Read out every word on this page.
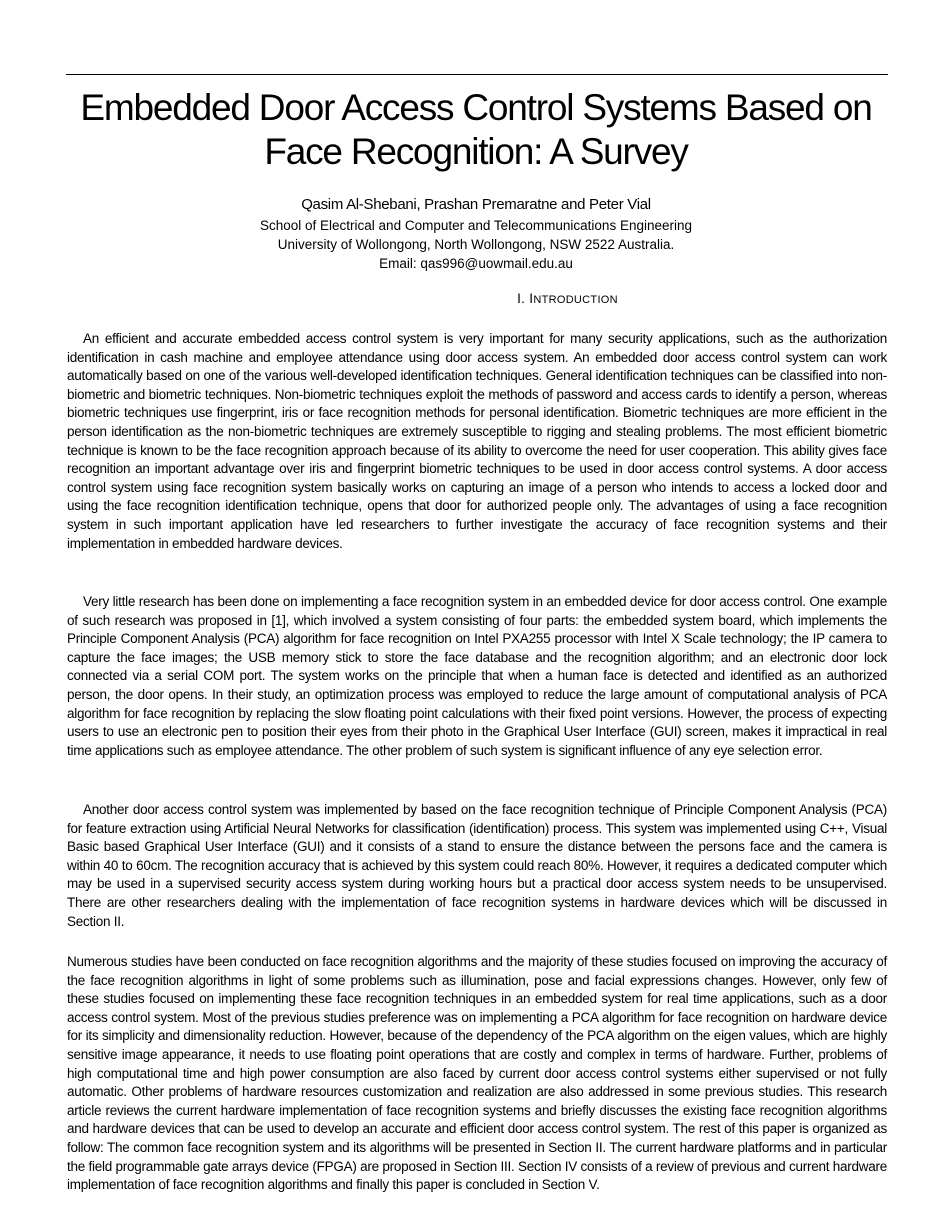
Embedded Door Access Control Systems Based on
Face Recognition: A Survey
Qasim Al-Shebani, Prashan Premaratne and Peter Vial
School of Electrical and Computer and Telecommunications Engineering
University of Wollongong, North Wollongong, NSW 2522 Australia.
Email: qas996@uowmail.edu.au
I. INTRODUCTION

An efficient and accurate embedded access control system is very important for many security applications, such as the authorization identification in cash machine and employee attendance using door access system. An embedded door access control system can work automatically based on one of the various well-developed identification techniques. General identification techniques can be classified into non-biometric and biometric techniques. Non-biometric techniques exploit the methods of password and access cards to identify a person, whereas biometric techniques use fingerprint, iris or face recognition methods for personal identification. Biometric techniques are more efficient in the person identification as the non-biometric techniques are extremely susceptible to rigging and stealing problems. The most efficient biometric technique is known to be the face recognition approach because of its ability to overcome the need for user cooperation. This ability gives face recognition an important advantage over iris and fingerprint biometric techniques to be used in door access control systems. A door access control system using face recognition system basically works on capturing an image of a person who intends to access a locked door and using the face recognition identification technique, opens that door for authorized people only. The advantages of using a face recognition system in such important application have led researchers to further investigate the accuracy of face recognition systems and their implementation in embedded hardware devices.

Very little research has been done on implementing a face recognition system in an embedded device for door access control. One example of such research was proposed in [1], which involved a system consisting of four parts: the embedded system board, which implements the Principle Component Analysis (PCA) algorithm for face recognition on Intel PXA255 processor with Intel X Scale technology; the IP camera to capture the face images; the USB memory stick to store the face database and the recognition algorithm; and an electronic door lock connected via a serial COM port. The system works on the principle that when a human face is detected and identified as an authorized person, the door opens. In their study, an optimization process was employed to reduce the large amount of computational analysis of PCA algorithm for face recognition by replacing the slow floating point calculations with their fixed point versions. However, the process of expecting users to use an electronic pen to position their eyes from their photo in the Graphical User Interface (GUI) screen, makes it impractical in real time applications such as employee attendance. The other problem of such system is significant influence of any eye selection error.

Another door access control system was implemented by based on the face recognition technique of Principle Component Analysis (PCA) for feature extraction using Artificial Neural Networks for classification (identification) process. This system was implemented using C++, Visual Basic based Graphical User Interface (GUI) and it consists of a stand to ensure the distance between the persons face and the camera is within 40 to 60cm. The recognition accuracy that is achieved by this system could reach 80%. However, it requires a dedicated computer which may be used in a supervised security access system during working hours but a practical door access system needs to be unsupervised. There are other researchers dealing with the implementation of face recognition systems in hardware devices which will be discussed in Section II.

Numerous studies have been conducted on face recognition algorithms and the majority of these studies focused on improving the accuracy of the face recognition algorithms in light of some problems such as illumination, pose and facial expressions changes. However, only few of these studies focused on implementing these face recognition techniques in an embedded system for real time applications, such as a door access control system. Most of the previous studies preference was on implementing a PCA algorithm for face recognition on hardware device for its simplicity and dimensionality reduction. However, because of the dependency of the PCA algorithm on the eigen values, which are highly sensitive image appearance, it needs to use floating point operations that are costly and complex in terms of hardware. Further, problems of high computational time and high power consumption are also faced by current door access control systems either supervised or not fully automatic. Other problems of hardware resources customization and realization are also addressed in some previous studies. This research article reviews the current hardware implementation of face recognition systems and briefly discusses the existing face recognition algorithms and hardware devices that can be used to develop an accurate and efficient door access control system. The rest of this paper is organized as follow: The common face recognition system and its algorithms will be presented in Section II. The current hardware platforms and in particular the field programmable gate arrays device (FPGA) are proposed in Section III. Section IV consists of a review of previous and current hardware implementation of face recognition algorithms and finally this paper is concluded in Section V.
